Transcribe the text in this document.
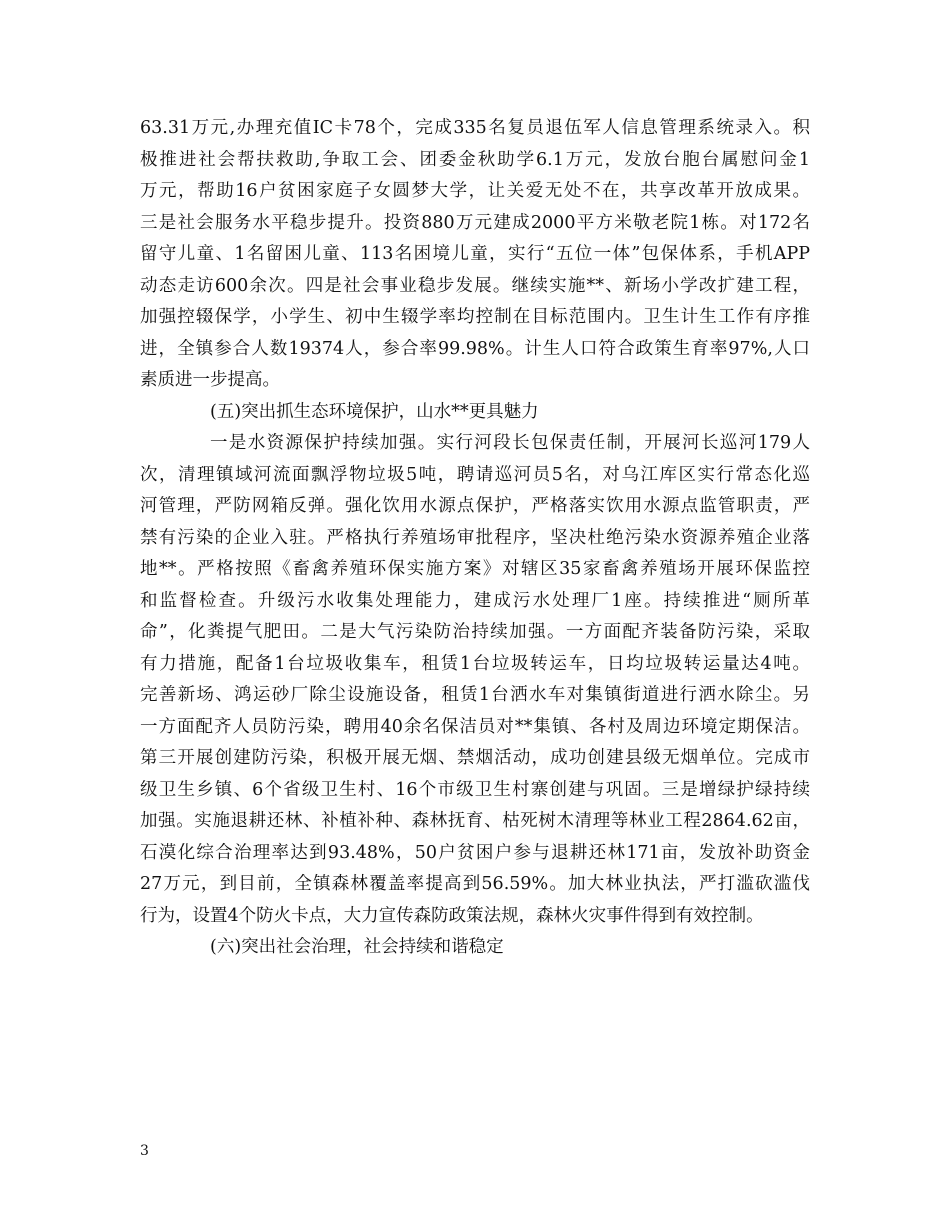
63.31万元,办理充值IC卡78个，完成335名复员退伍军人信息管理系统录入。积
极推进社会帮扶救助,争取工会、团委金秋助学6.1万元，发放台胞台属慰问金1
万元，帮助16户贫困家庭子女圆梦大学，让关爱无处不在，共享改革开放成果。
三是社会服务水平稳步提升。投资880万元建成2000平方米敬老院1栋。对172名
留守儿童、1名留困儿童、113名困境儿童，实行“五位一体”包保体系，手机APP
动态走访600余次。四是社会事业稳步发展。继续实施**、新场小学改扩建工程，
加强控辍保学，小学生、初中生辍学率均控制在目标范围内。卫生计生工作有序推
进，全镇参合人数19374人，参合率99.98%。计生人口符合政策生育率97%,人口
素质进一步提高。
(五)突出抓生态环境保护，山水**更具魅力
一是水资源保护持续加强。实行河段长包保责任制，开展河长巡河179人
次，清理镇域河流面飘浮物垃圾5吨，聘请巡河员5名，对乌江库区实行常态化巡
河管理，严防网箱反弹。强化饮用水源点保护，严格落实饮用水源点监管职责，严
禁有污染的企业入驻。严格执行养殖场审批程序，坚决杜绝污染水资源养殖企业落
地**。严格按照《畜禽养殖环保实施方案》对辖区35家畜禽养殖场开展环保监控
和监督检查。升级污水收集处理能力，建成污水处理厂1座。持续推进“厕所革
命”，化粪提气肥田。二是大气污染防治持续加强。一方面配齐装备防污染，采取
有力措施，配备1台垃圾收集车，租赁1台垃圾转运车，日均垃圾转运量达4吨。
完善新场、鸿运砂厂除尘设施设备，租赁1台洒水车对集镇街道进行洒水除尘。另
一方面配齐人员防污染，聘用40余名保洁员对**集镇、各村及周边环境定期保洁。
第三开展创建防污染，积极开展无烟、禁烟活动，成功创建县级无烟单位。完成市
级卫生乡镇、6个省级卫生村、16个市级卫生村寨创建与巩固。三是增绿护绿持续
加强。实施退耕还林、补植补种、森林抚育、枯死树木清理等林业工程2864.62亩，
石漠化综合治理率达到93.48%，50户贫困户参与退耕还林171亩，发放补助资金
27万元，到目前，全镇森林覆盖率提高到56.59%。加大林业执法，严打滥砍滥伐
行为，设置4个防火卡点，大力宣传森防政策法规，森林火灾事件得到有效控制。
(六)突出社会治理，社会持续和谐稳定
3
